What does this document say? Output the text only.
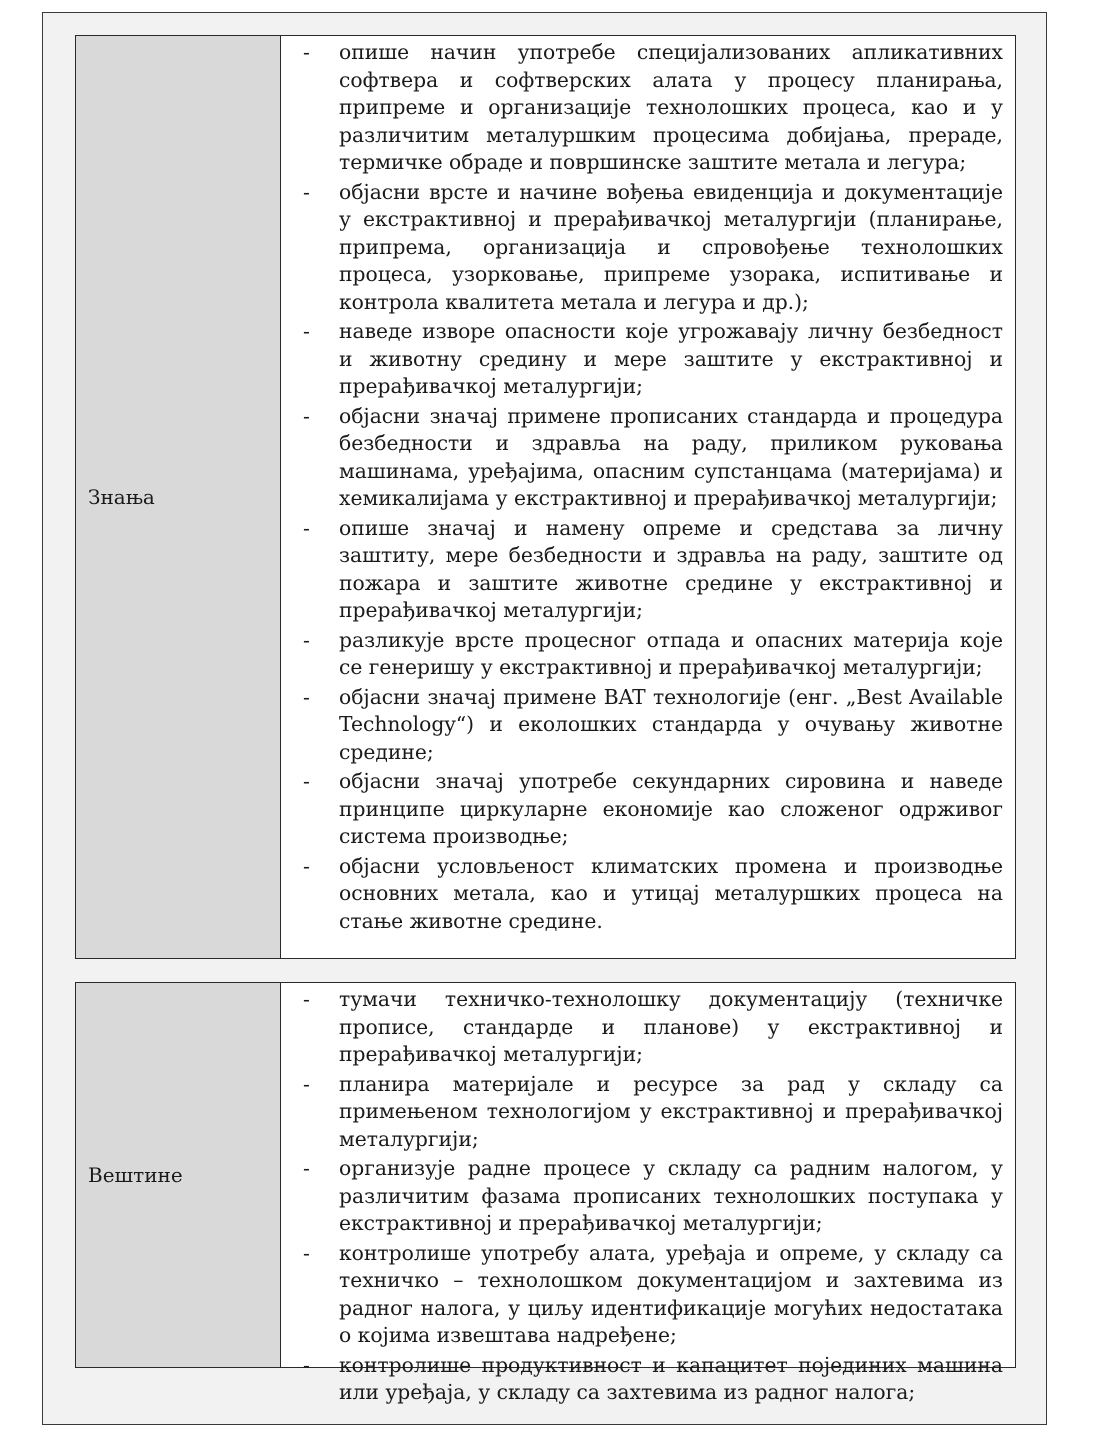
Знања
-	опише начин употребе специјализованих апликативних софтвера и софтверских алата у процесу планирања, припреме и организације технолошких процеса, као и у различитим металуршким процесима добијања, прераде, термичке обраде и површинске заштите метала и легура;
-	објасни врсте и начине вођења евиденција и документације у екстрактивној и прерађивачкој металургији (планирање, припрема, организација и спровођење технолошких процеса, узорковање, припреме узорака, испитивање и контрола квалитета метала и легура и др.);
-	наведе изворе опасности које угрожавају личну безбедност и животну средину и мере заштите у екстрактивној и прерађивачкој металургији;
-	објасни значај примене прописаних стандарда и процедура безбедности и здравља на раду, приликом руковања машинама, уређајима, опасним супстанцама (материјама) и хемикалијама у екстрактивној и прерађивачкој металургији;
-	опише значај и намену опреме и средстава за личну заштиту, мере безбедности и здравља на раду, заштите од пожара и заштите животне средине у екстрактивној и прерађивачкој металургији;
-	разликује врсте процесног отпада и опасних материја које се генеришу у екстрактивној и прерађивачкој металургији;
-	објасни значај примене BAT технологије (енг. „Best Available Technology“) и еколошких стандарда у очувању животне средине;
-	објасни значај употребе секундарних сировина и наведе принципе циркуларне економије као сложеног одрживог система производње;
-	објасни условљеност климатских промена и производње основних метала, као и утицај металуршких процеса на стање животне средине.
Вештине
-	тумачи техничко-технолошку документацију (техничке прописе, стандарде и планове) у екстрактивној и прерађивачкој металургији;
-	планира материјале и ресурсе за рад у складу са примењеном технологијом у екстрактивној и прерађивачкој металургији;
-	организује радне процесе у складу са радним налогом, у различитим фазама прописаних технолошких поступака у екстрактивној и прерађивачкој металургији;
-	контролише употребу алата, уређаја и опреме, у складу са техничко – технолошком документацијом и захтевима из радног налога, у циљу идентификације могућих недостатака о којима извештава надређене;
-	контролише продуктивност и капацитет појединих машина или уређаја, у складу са захтевима из радног налога;
